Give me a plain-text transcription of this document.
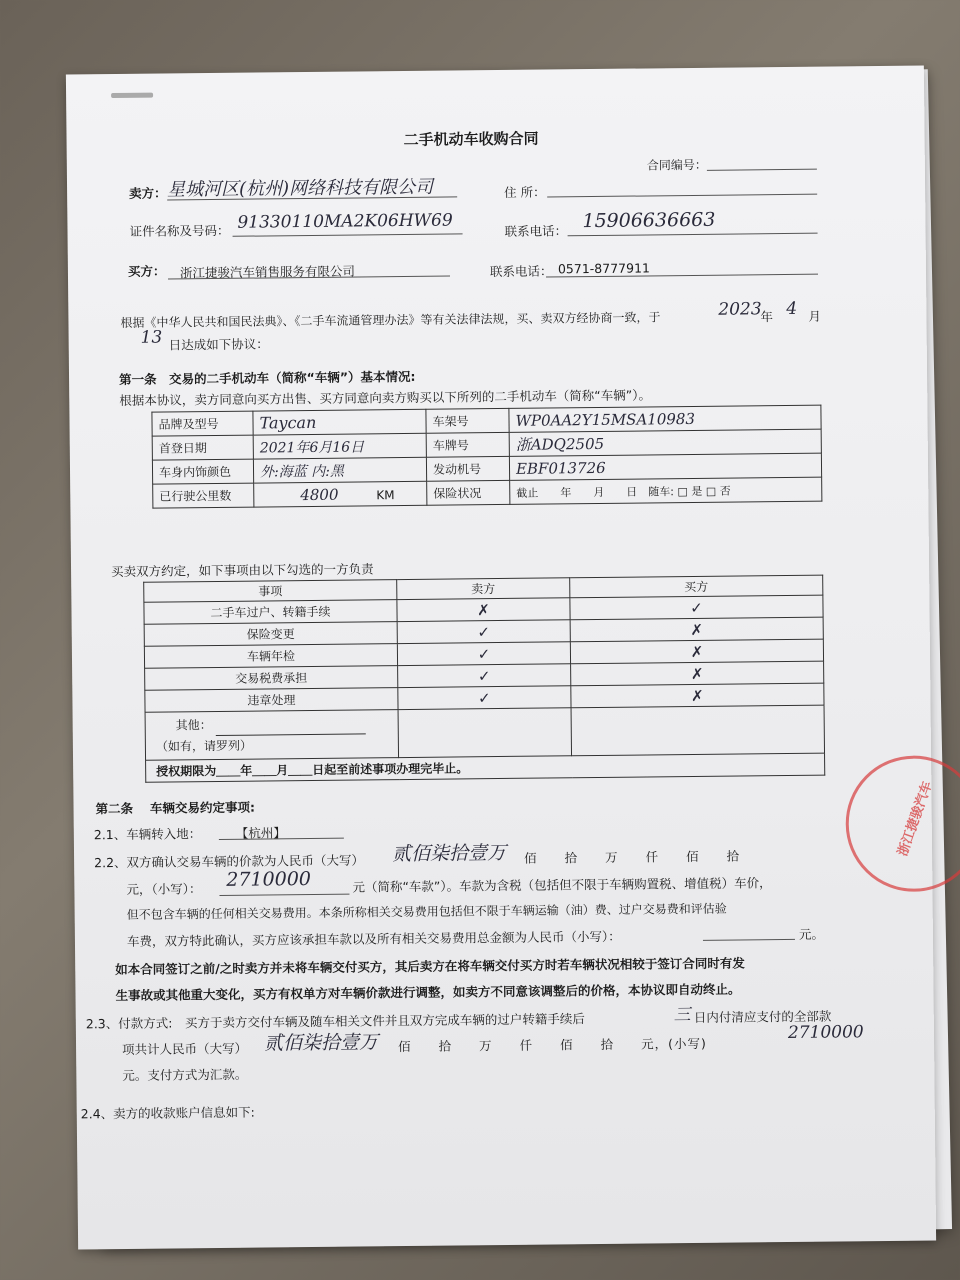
二手机动车收购合同
合同编号：
卖方： 星城河区(杭州)网络科技有限公司	住 所：
证件名称及号码： 91330110MA2K06HW69	联系电话： 15906636663
买方： 浙江捷骏汽车销售服务有限公司	联系电话： 0571-8777911
根据《中华人民共和国民法典》、《二手车流通管理办法》等有关法律法规，买、卖双方经协商一致，于
2023
年 4 月
13 日达成如下协议：
第一条　交易的二手机动车（简称“车辆”）基本情况:
根据本协议，卖方同意向买方出售、买方同意向卖方购买以下所列的二手机动车（简称“车辆”）。
品牌及型号	Taycan	车架号	WP0AA2Y15MSA10983
首登日期	2021年6月16日	车牌号	浙ADQ2505
车身内饰颜色	外:海蓝 内:黑	发动机号	EBF013726
已行驶公里数	4800 KM	保险状况	截止　　年　　月　　日　随车: □ 是 □ 否
买卖双方约定，如下事项由以下勾选的一方负责
事项	卖方	买方
二手车过户、转籍手续	✗	✓
保险变更	✓	✗
车辆年检	✓	✗
交易税费承担	✓	✗
违章处理	✓	✗
其他：
（如有，请罗列）		
授权期限为＿＿年＿＿月＿＿日起至前述事项办理完毕止。		
第二条　 车辆交易约定事项:
2.1、车辆转入地：	【杭州】
2.2、双方确认交易车辆的价款为人民币（大写） 贰佰柒拾壹万 佰　　拾　　万　　仟　　佰　　拾
元，（小写）： 2710000	元（简称“车款”）。车款为含税（包括但不限于车辆购置税、增值税）车价，
但不包含车辆的任何相关交易费用。本条所称相关交易费用包括但不限于车辆运输（油）费、过户交易费和评估验
车费，双方特此确认，买方应该承担车款以及所有相关交易费用总金额为人民币（小写）：	元。
如本合同签订之前/之时卖方并未将车辆交付买方，其后卖方在将车辆交付买方时若车辆状况相较于签订合同时有发
生事故或其他重大变化，买方有权单方对车辆价款进行调整，如卖方不同意该调整后的价格，本协议即自动终止。
2.3、付款方式:　买方于卖方交付车辆及随车相关文件并且双方完成车辆的过户转籍手续后	三 日内付清应支付的全部款
项共计人民币（大写） 贰佰柒拾壹万 佰　　拾　　万　　仟　　佰　　拾　　元，(小写)
2710000
元。支付方式为汇款。
2.4、卖方的收款账户信息如下:
浙江捷骏汽车
